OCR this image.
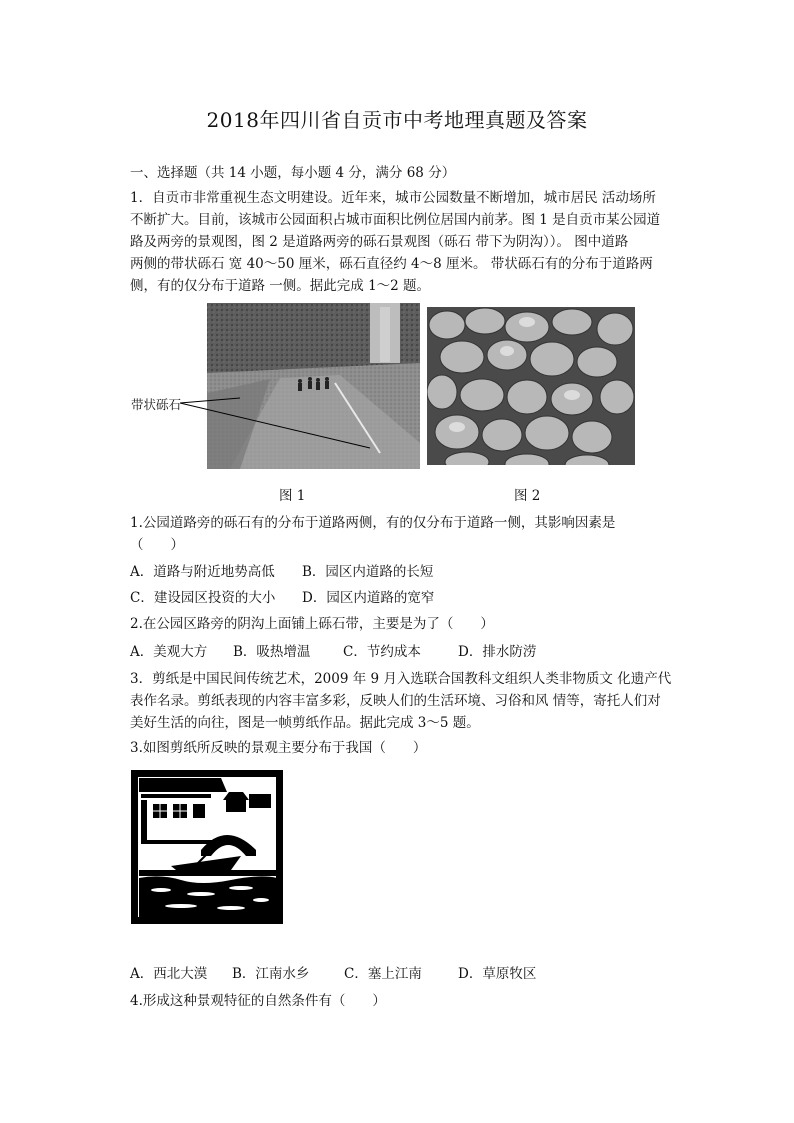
2018年四川省自贡市中考地理真题及答案
一、选择题（共 14 小题，每小题 4 分，满分 68 分）
1．自贡市非常重视生态文明建设。近年来，城市公园数量不断增加，城市居民 活动场所
不断扩大。目前，该城市公园面积占城市面积比例位居国内前茅。图 1 是自贡市某公园道
路及两旁的景观图，图 2 是道路两旁的砾石景观图（砾石 带下为阴沟））。 图中道路
两侧的带状砾石 宽 40～50 厘米，砾石直径约 4～8 厘米。 带状砾石有的分布于道路两
侧，有的仅分布于道路 一侧。据此完成 1～2 题。
带状砾石
图 1	图 2
1.公园道路旁的砾石有的分布于道路两侧，有的仅分布于道路一侧，其影响因素是
（　　）
A．道路与附近地势高低 B．园区内道路的长短
C．建设园区投资的大小 D．园区内道路的宽窄
2.在公园区路旁的阴沟上面铺上砾石带，主要是为了（　　）
A．美观大方 B．吸热增温 C．节约成本	D．排水防涝
3．剪纸是中国民间传统艺术，2009 年 9 月入选联合国教科文组织人类非物质文 化遗产代
表作名录。剪纸表现的内容丰富多彩，反映人们的生活环境、习俗和风 情等，寄托人们对
美好生活的向往，图是一帧剪纸作品。据此完成 3～5 题。
3.如图剪纸所反映的景观主要分布于我国（　　）
A．西北大漠 B．江南水乡	C．塞上江南	D．草原牧区
4.形成这种景观特征的自然条件有（　　）
